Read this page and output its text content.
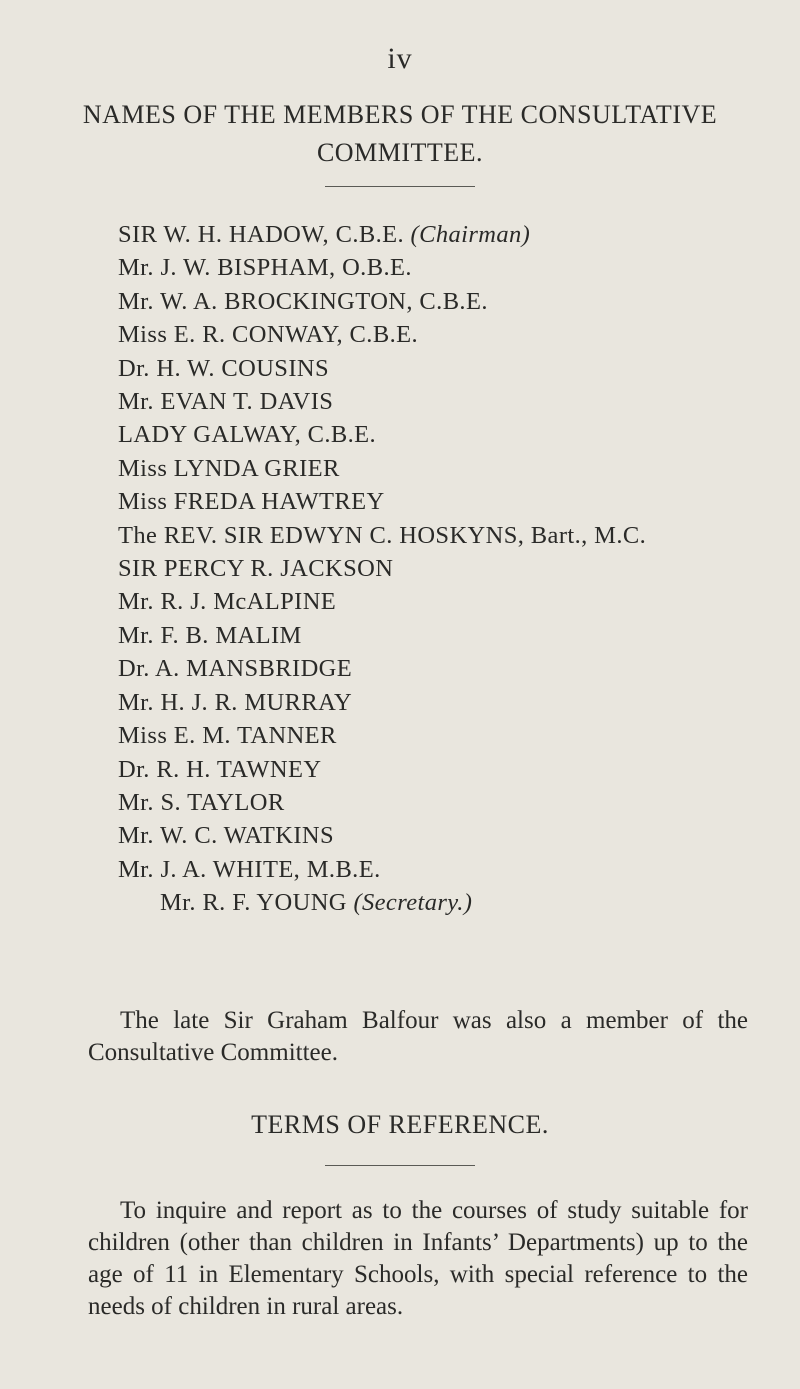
iv
NAMES OF THE MEMBERS OF THE CONSULTATIVE
COMMITTEE.
SIR W. H. HADOW, C.B.E. (Chairman)
Mr. J. W. BISPHAM, O.B.E.
Mr. W. A. BROCKINGTON, C.B.E.
Miss E. R. CONWAY, C.B.E.
Dr. H. W. COUSINS
Mr. EVAN T. DAVIS
LADY GALWAY, C.B.E.
Miss LYNDA GRIER
Miss FREDA HAWTREY
The REV. SIR EDWYN C. HOSKYNS, Bart., M.C.
SIR PERCY R. JACKSON
Mr. R. J. McALPINE
Mr. F. B. MALIM
Dr. A. MANSBRIDGE
Mr. H. J. R. MURRAY
Miss E. M. TANNER
Dr. R. H. TAWNEY
Mr. S. TAYLOR
Mr. W. C. WATKINS
Mr. J. A. WHITE, M.B.E.
Mr. R. F. YOUNG (Secretary.)

The late Sir Graham Balfour was also a member of the Consultative Committee.

TERMS OF REFERENCE.

To inquire and report as to the courses of study suitable for children (other than children in Infants’ Departments) up to the age of 11 in Elementary Schools, with special reference to the needs of children in rural areas.
